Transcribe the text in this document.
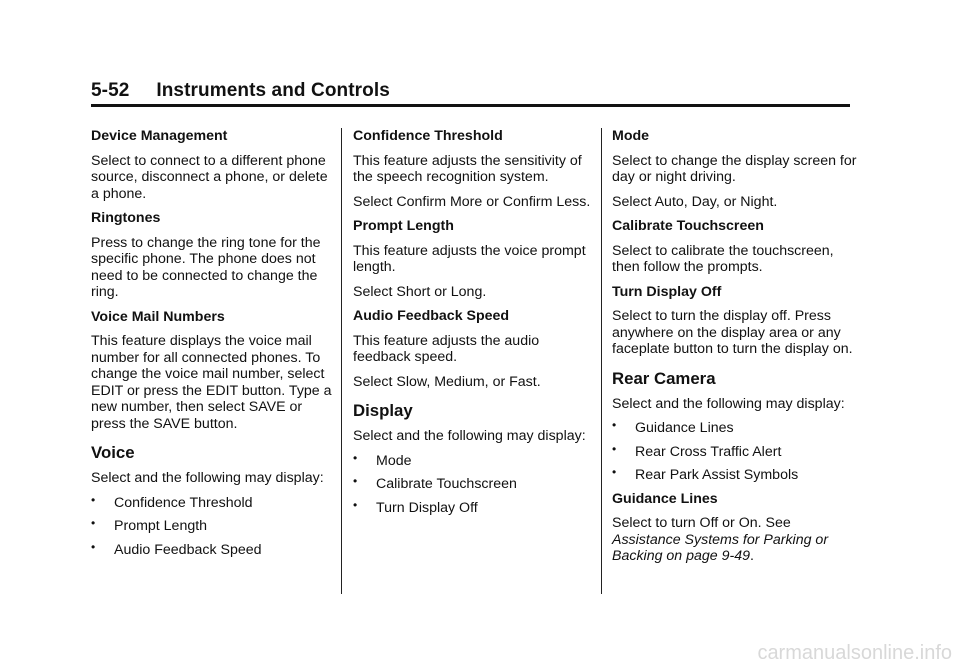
5-52     Instruments and Controls
Device Management
Select to connect to a different phone source, disconnect a phone, or delete a phone.
Ringtones
Press to change the ring tone for the specific phone. The phone does not need to be connected to change the ring.
Voice Mail Numbers
This feature displays the voice mail number for all connected phones. To change the voice mail number, select EDIT or press the EDIT button. Type a new number, then select SAVE or press the SAVE button.
Voice
Select and the following may display:
• Confidence Threshold
• Prompt Length
• Audio Feedback Speed
Confidence Threshold
This feature adjusts the sensitivity of the speech recognition system.
Select Confirm More or Confirm Less.
Prompt Length
This feature adjusts the voice prompt length.
Select Short or Long.
Audio Feedback Speed
This feature adjusts the audio feedback speed.
Select Slow, Medium, or Fast.
Display
Select and the following may display:
• Mode
• Calibrate Touchscreen
• Turn Display Off
Mode
Select to change the display screen for day or night driving.
Select Auto, Day, or Night.
Calibrate Touchscreen
Select to calibrate the touchscreen, then follow the prompts.
Turn Display Off
Select to turn the display off. Press anywhere on the display area or any faceplate button to turn the display on.
Rear Camera
Select and the following may display:
• Guidance Lines
• Rear Cross Traffic Alert
• Rear Park Assist Symbols
Guidance Lines
Select to turn Off or On. See Assistance Systems for Parking or Backing on page 9-49.
carmanualsonline.info
